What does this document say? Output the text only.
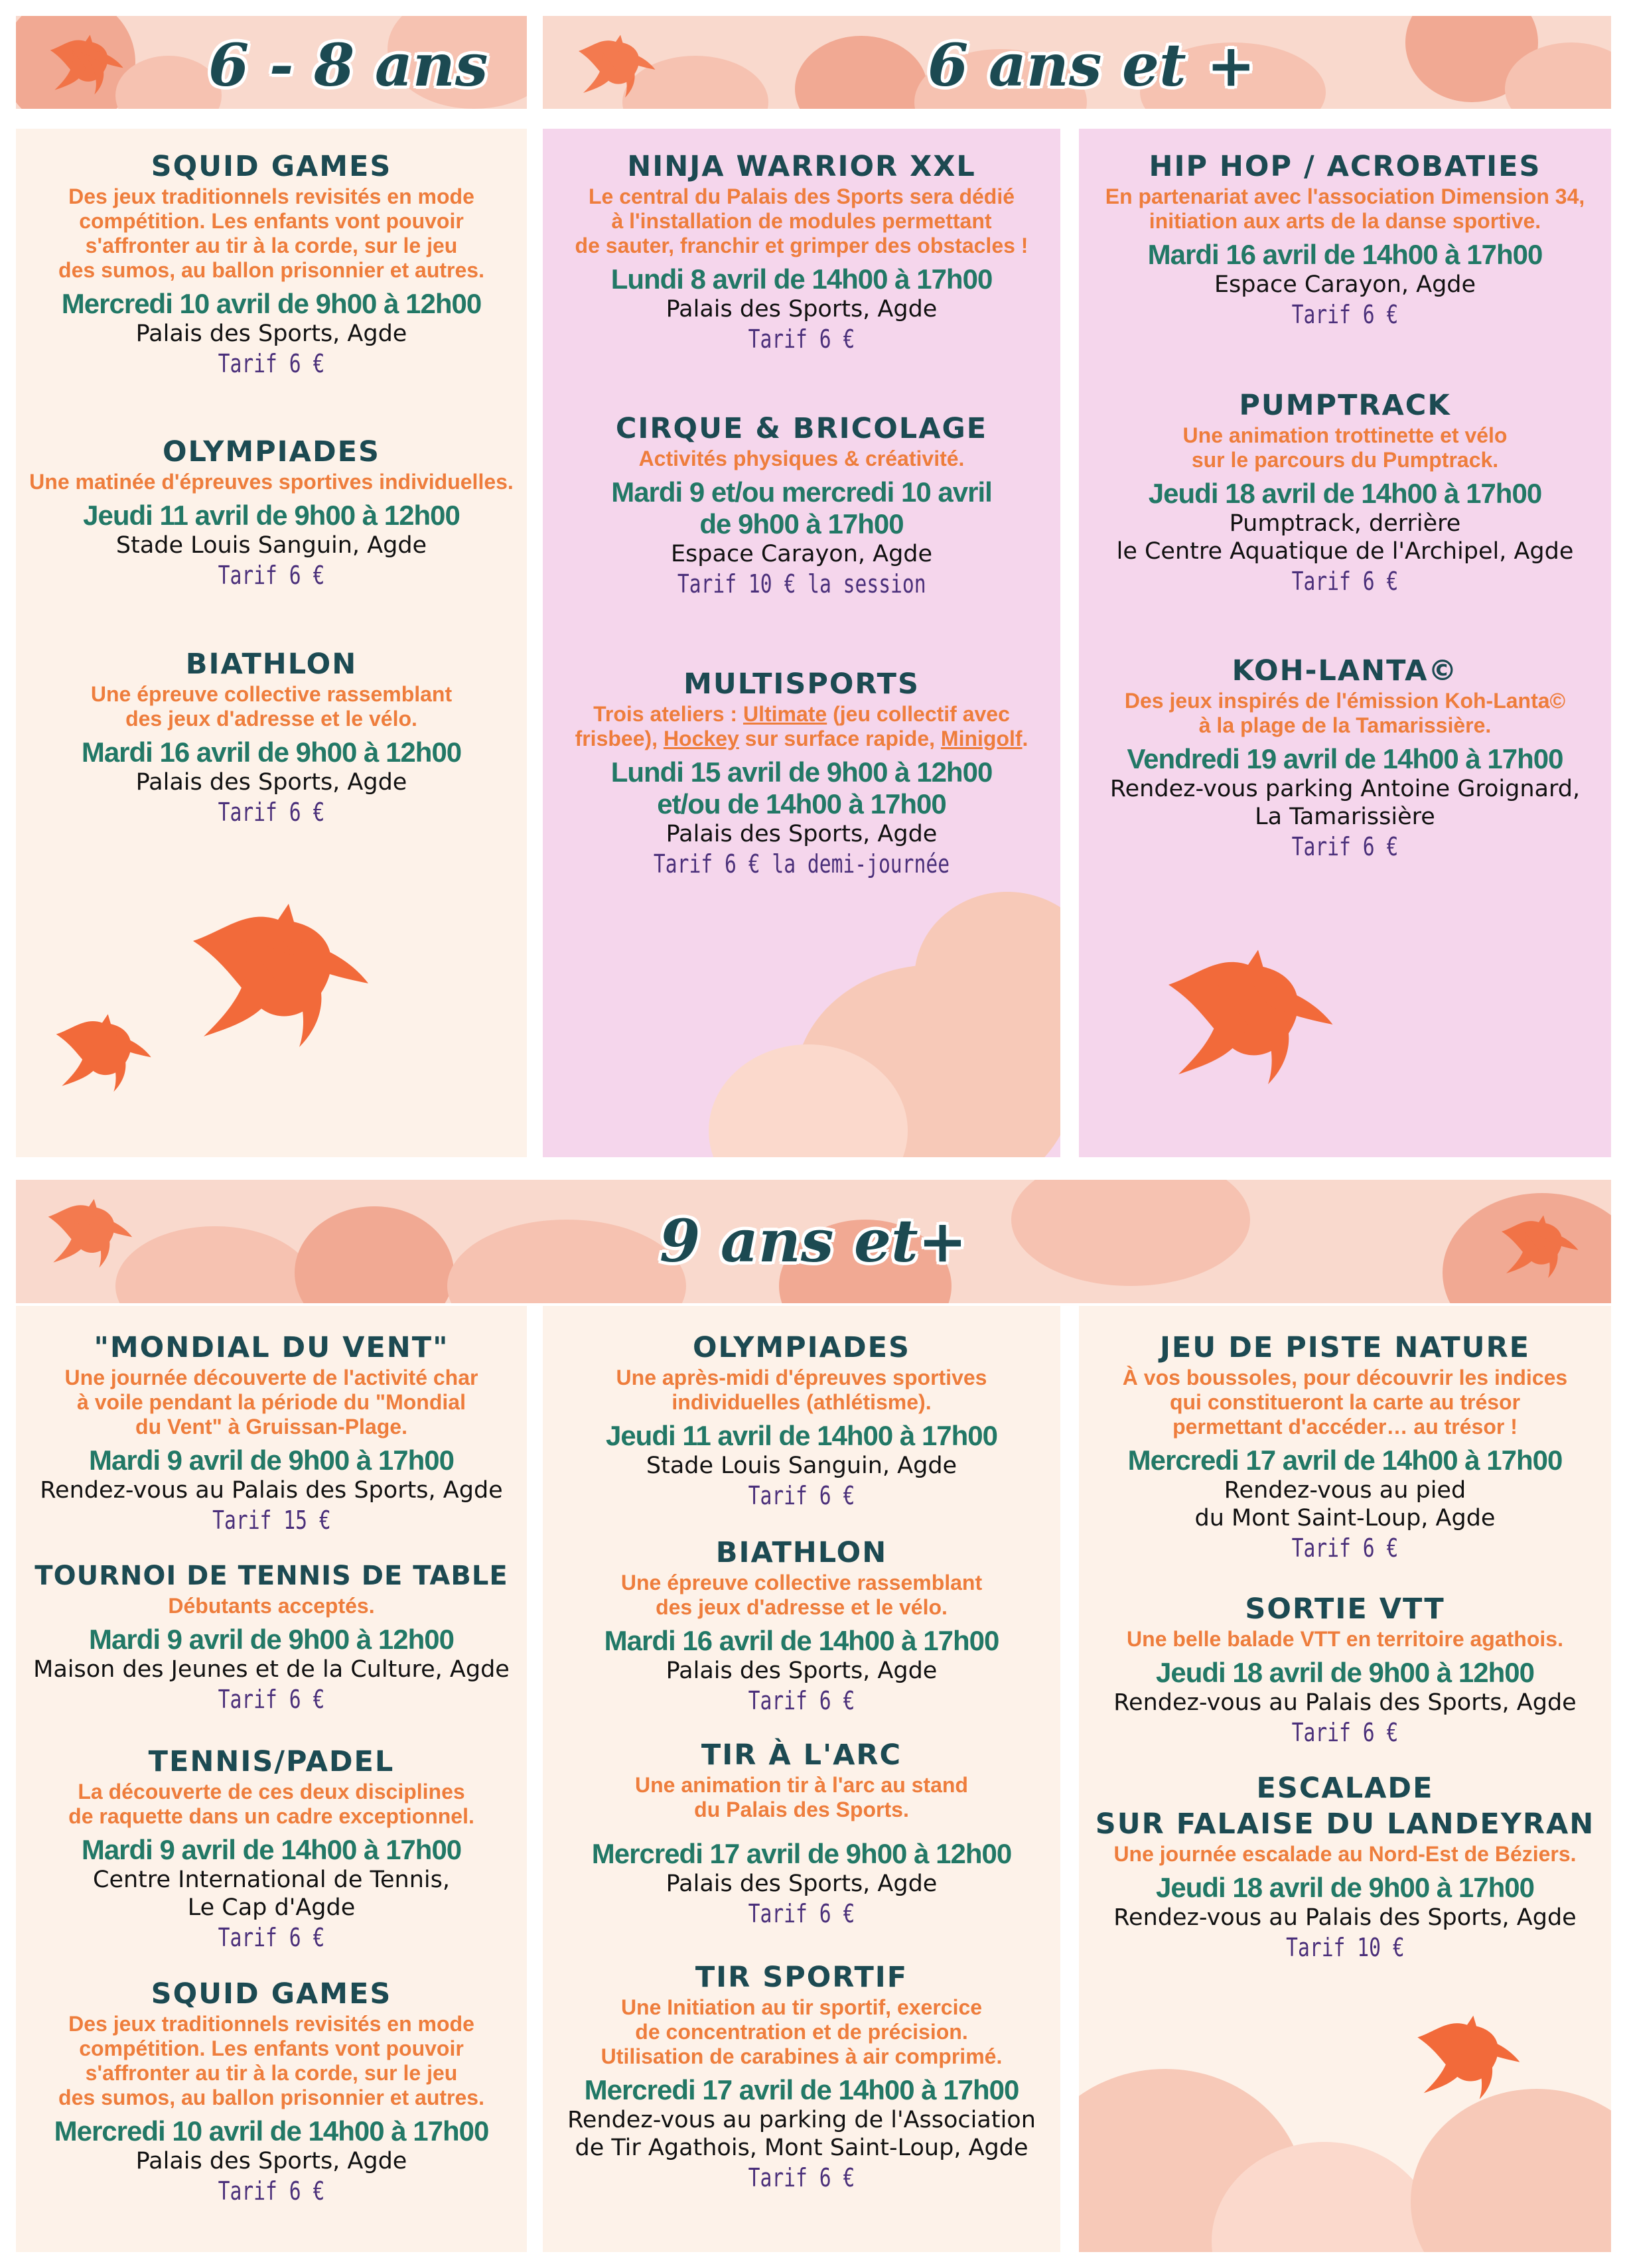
6 - 8 ans	6 ans et +
SQUID GAMES
Des jeux traditionnels revisités en mode
compétition. Les enfants vont pouvoir
s'affronter au tir à la corde, sur le jeu
des sumos, au ballon prisonnier et autres.
Mercredi 10 avril de 9h00 à 12h00
Palais des Sports, Agde
Tarif 6 €
OLYMPIADES
Une matinée d'épreuves sportives individuelles.
Jeudi 11 avril de 9h00 à 12h00
Stade Louis Sanguin, Agde
Tarif 6 €
BIATHLON
Une épreuve collective rassemblant
des jeux d'adresse et le vélo.
Mardi 16 avril de 9h00 à 12h00
Palais des Sports, Agde
Tarif 6 €
NINJA WARRIOR XXL
Le central du Palais des Sports sera dédié
à l'installation de modules permettant
de sauter, franchir et grimper des obstacles !
Lundi 8 avril de 14h00 à 17h00
Palais des Sports, Agde
Tarif 6 €
CIRQUE & BRICOLAGE
Activités physiques & créativité.
Mardi 9 et/ou mercredi 10 avril
de 9h00 à 17h00
Espace Carayon, Agde
Tarif 10 € la session
MULTISPORTS
Trois ateliers : Ultimate (jeu collectif avec
frisbee), Hockey sur surface rapide, Minigolf.
Lundi 15 avril de 9h00 à 12h00
et/ou de 14h00 à 17h00
Palais des Sports, Agde
Tarif 6 € la demi-journée
HIP HOP / ACROBATIES
En partenariat avec l'association Dimension 34,
initiation aux arts de la danse sportive.
Mardi 16 avril de 14h00 à 17h00
Espace Carayon, Agde
Tarif 6 €
PUMPTRACK
Une animation trottinette et vélo
sur le parcours du Pumptrack.
Jeudi 18 avril de 14h00 à 17h00
Pumptrack, derrière
le Centre Aquatique de l'Archipel, Agde
Tarif 6 €
KOH-LANTA©
Des jeux inspirés de l'émission Koh-Lanta©
à la plage de la Tamarissière.
Vendredi 19 avril de 14h00 à 17h00
Rendez-vous parking Antoine Groignard,
La Tamarissière
Tarif 6 €
9 ans et+
"MONDIAL DU VENT"
Une journée découverte de l'activité char
à voile pendant la période du "Mondial
du Vent" à Gruissan-Plage.
Mardi 9 avril de 9h00 à 17h00
Rendez-vous au Palais des Sports, Agde
Tarif 15 €
TOURNOI DE TENNIS DE TABLE
Débutants acceptés.
Mardi 9 avril de 9h00 à 12h00
Maison des Jeunes et de la Culture, Agde
Tarif 6 €
TENNIS/PADEL
La découverte de ces deux disciplines
de raquette dans un cadre exceptionnel.
Mardi 9 avril de 14h00 à 17h00
Centre International de Tennis,
Le Cap d'Agde
Tarif 6 €
SQUID GAMES
Des jeux traditionnels revisités en mode
compétition. Les enfants vont pouvoir
s'affronter au tir à la corde, sur le jeu
des sumos, au ballon prisonnier et autres.
Mercredi 10 avril de 14h00 à 17h00
Palais des Sports, Agde
Tarif 6 €
OLYMPIADES
Une après-midi d'épreuves sportives
individuelles (athlétisme).
Jeudi 11 avril de 14h00 à 17h00
Stade Louis Sanguin, Agde
Tarif 6 €
BIATHLON
Une épreuve collective rassemblant
des jeux d'adresse et le vélo.
Mardi 16 avril de 14h00 à 17h00
Palais des Sports, Agde
Tarif 6 €
TIR À L'ARC
Une animation tir à l'arc au stand
du Palais des Sports.
Mercredi 17 avril de 9h00 à 12h00
Palais des Sports, Agde
Tarif 6 €
TIR SPORTIF
Une Initiation au tir sportif, exercice
de concentration et de précision.
Utilisation de carabines à air comprimé.
Mercredi 17 avril de 14h00 à 17h00
Rendez-vous au parking de l'Association
de Tir Agathois, Mont Saint-Loup, Agde
Tarif 6 €
JEU DE PISTE NATURE
À vos boussoles, pour découvrir les indices
qui constitueront la carte au trésor
permettant d'accéder… au trésor !
Mercredi 17 avril de 14h00 à 17h00
Rendez-vous au pied
du Mont Saint-Loup, Agde
Tarif 6 €
SORTIE VTT
Une belle balade VTT en territoire agathois.
Jeudi 18 avril de 9h00 à 12h00
Rendez-vous au Palais des Sports, Agde
Tarif 6 €
ESCALADE
SUR FALAISE DU LANDEYRAN
Une journée escalade au Nord-Est de Béziers.
Jeudi 18 avril de 9h00 à 17h00
Rendez-vous au Palais des Sports, Agde
Tarif 10 €
